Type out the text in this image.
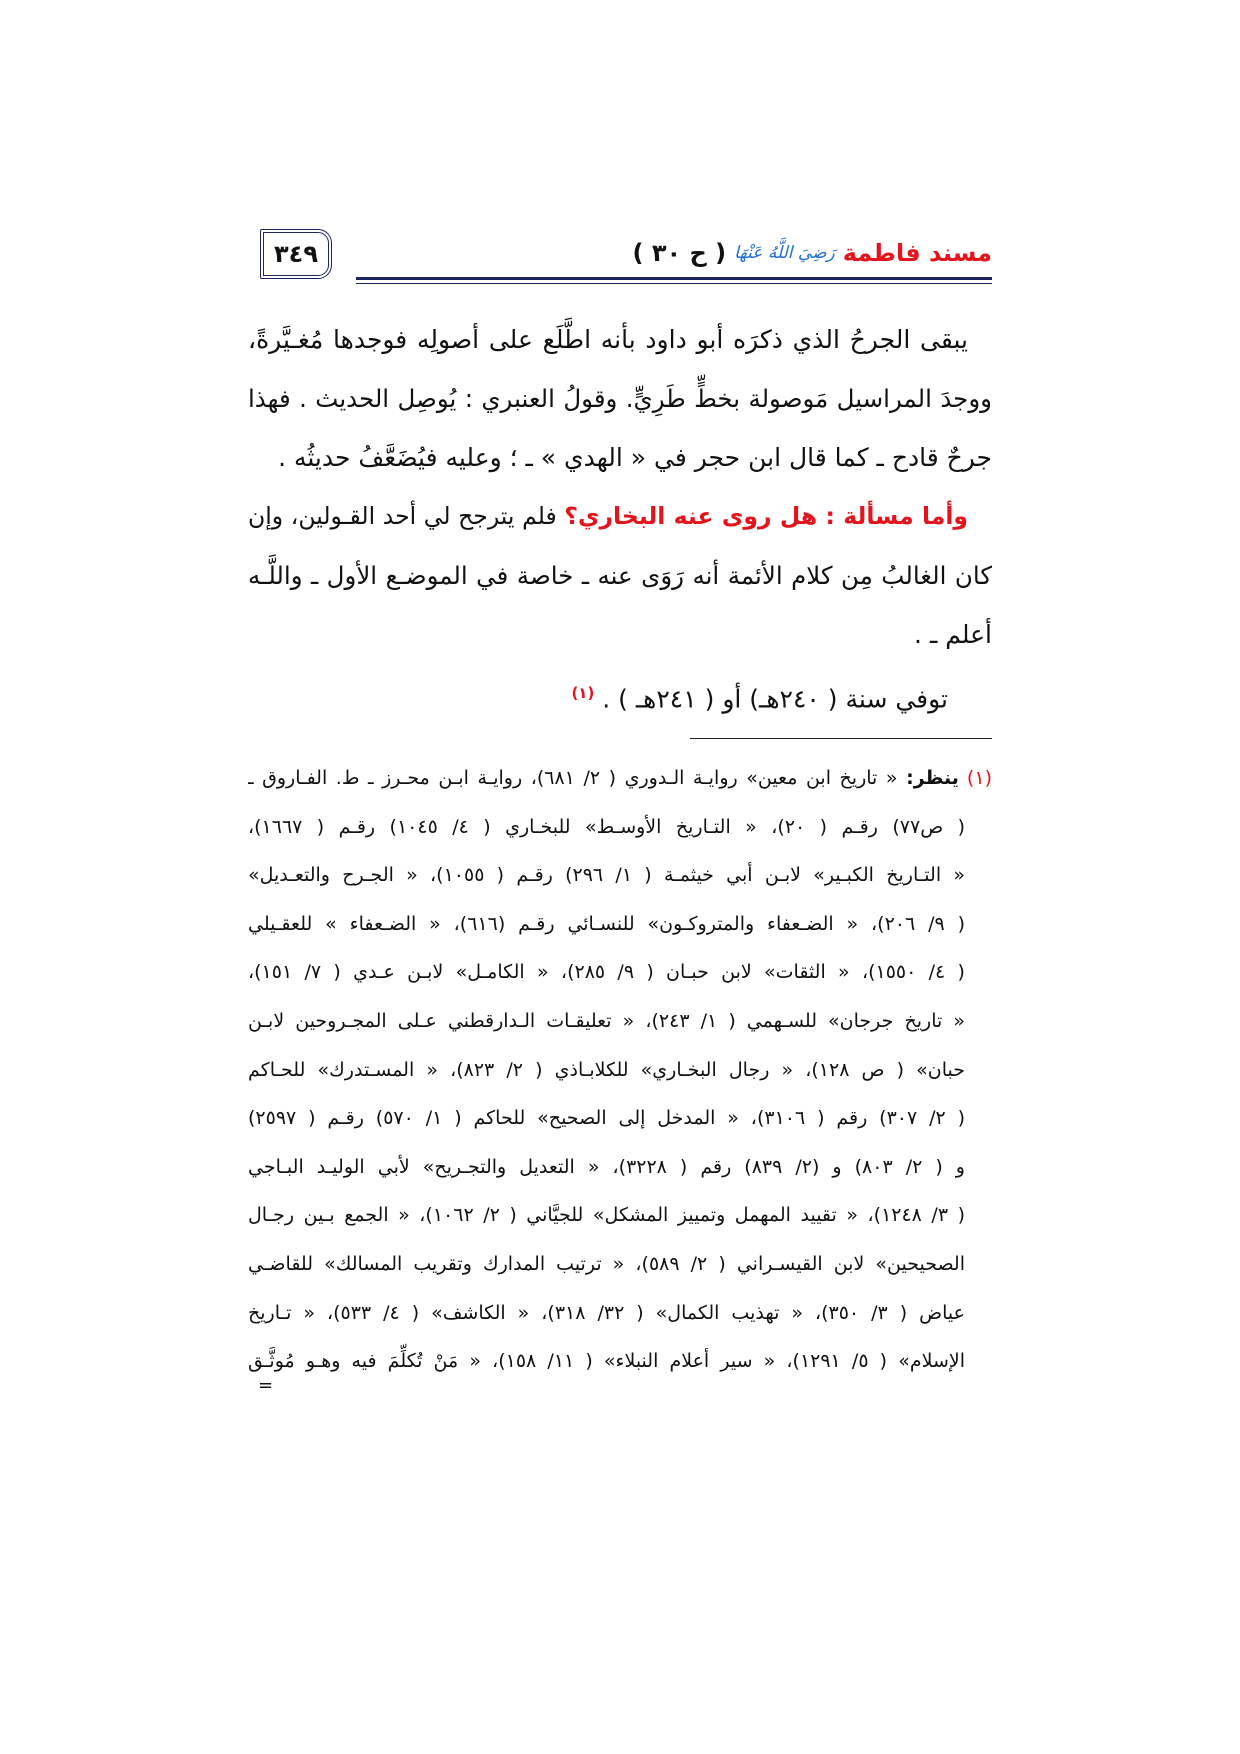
مسند فاطمة
رَضِيَ اللَّهُ عَنْهَا
( ح ٣٠ )
٣٤٩
يبقى الجرحُ الذي ذكرَه أبو داود بأنه اطَّلَع على أصولِه فوجدها مُغـيَّرةً،
ووجدَ المراسيل مَوصولة بخطٍّ طَرِيٍّ. وقولُ العنبري : يُوصِل الحديث . فهذا
جرحٌ قادح ـ كما قال ابن حجر في « الهدي » ـ ؛ وعليه فيُضَعَّفُ حديثُه .
وأما مسألة : هل روى عنه البخاري؟ فلم يترجح لي أحد القـولين، وإن
كان الغالبُ مِن كلام الأئمة أنه رَوَى عنه ـ خاصة في الموضـع الأول ـ واللَّـه
أعلم ـ .
توفي سنة ( ٢٤٠هـ) أو ( ٢٤١هـ ) . $^{(١)}$
(١)ينظر: « تاريخ ابن معين» روايـة الـدوري ( ٢/ ٦٨١)، روايـة ابـن محـرز ـ ط. الفـاروق ـ
( ص٧٧) رقـم ( ٢٠)، « التـاريخ الأوسـط» للبخـاري ( ٤/ ١٠٤٥) رقـم ( ١٦٦٧)،
« التـاريخ الكبـير» لابـن أبي خيثمـة ( ١/ ٢٩٦) رقـم ( ١٠٥٥)، « الجـرح والتعـديل»
( ٩/ ٢٠٦)، « الضـعفاء والمتروكـون» للنسـائي رقـم (٦١٦)، « الضـعفاء » للعقـيلي
( ٤/ ١٥٥٠)، « الثقات» لابن حبـان ( ٩/ ٢٨٥)، « الكامـل» لابـن عـدي ( ٧/ ١٥١)،
« تاريخ جرجان» للسـهمي ( ١/ ٢٤٣)، « تعليقـات الـدارقطني عـلى المجـروحين لابـن
حبان» ( ص ١٢٨)، « رجال البخـاري» للكلابـاذي ( ٢/ ٨٢٣)، « المسـتدرك» للحـاكم
( ٢/ ٣٠٧) رقم ( ٣١٠٦)، « المدخل إلى الصحيح» للحاكم ( ١/ ٥٧٠) رقـم ( ٢٥٩٧)
و ( ٢/ ٨٠٣) و (٢/ ٨٣٩) رقم ( ٣٢٢٨)، « التعديل والتجـريح» لأبي الوليـد البـاجي
( ٣/ ١٢٤٨)، « تقييد المهمل وتمييز المشكل» للجيَّاني ( ٢/ ١٠٦٢)، « الجمع بـين رجـال
الصحيحين» لابن القيسـراني ( ٢/ ٥٨٩)، « ترتيب المدارك وتقريب المسالك» للقاضـي
عياض ( ٣/ ٣٥٠)، « تهذيب الكمال» ( ٣٢/ ٣١٨)، « الكاشف» ( ٤/ ٥٣٣)، « تـاريخ
الإسلام» ( ٥/ ١٢٩١)، « سير أعلام النبلاء» ( ١١/ ١٥٨)، « مَنْ تُكلِّمَ فيه وهـو مُوثَّـق
=
